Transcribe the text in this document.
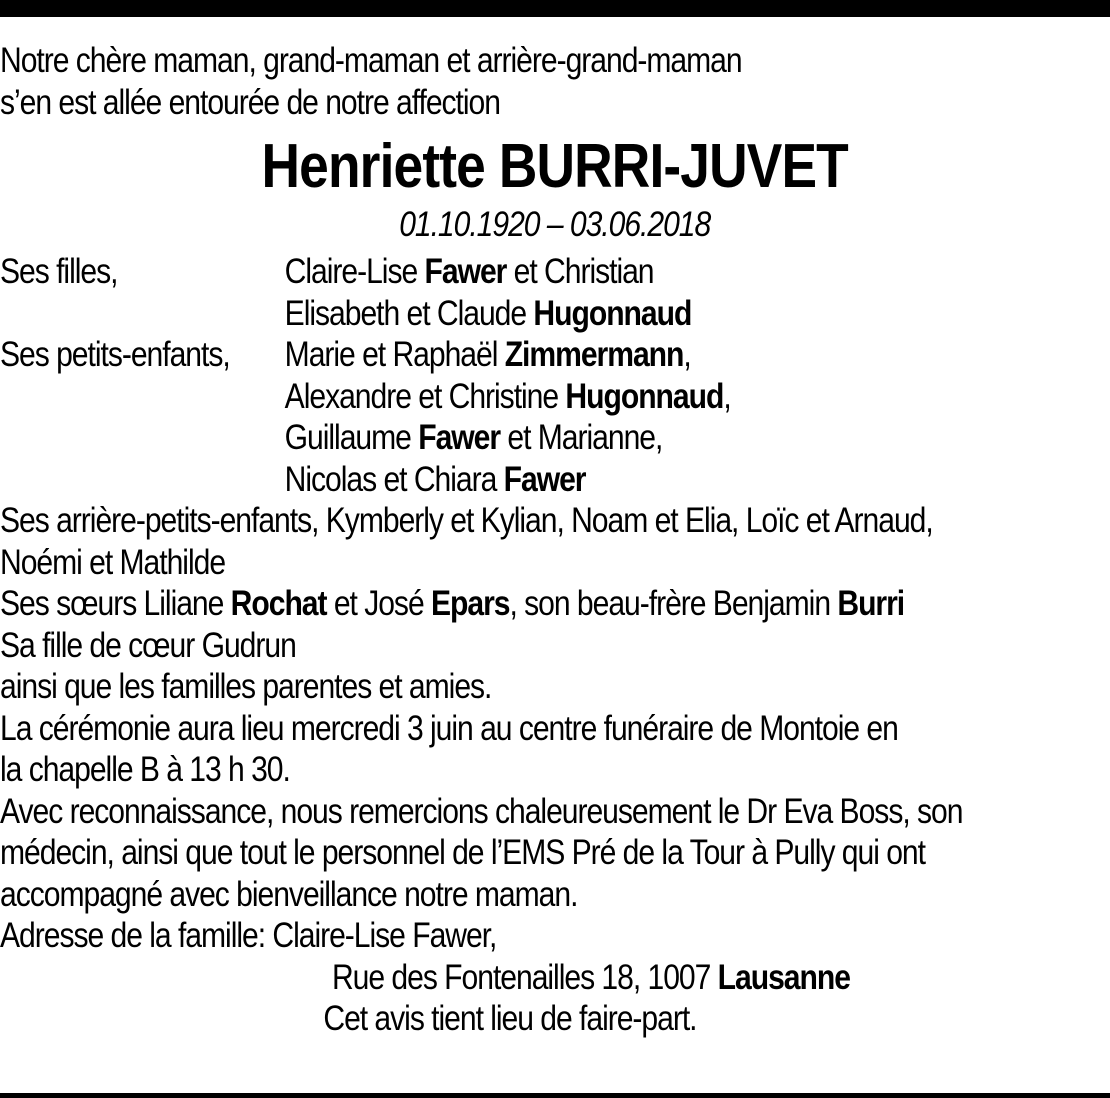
Notre chère maman, grand-maman et arrière-grand-maman
s’en est allée entourée de notre affection
Henriette BURRI-JUVET
01.10.1920 – 03.06.2018
Ses filles,	Claire-Lise Fawer et Christian
Elisabeth et Claude Hugonnaud
Ses petits-enfants,	Marie et Raphaël Zimmermann,
Alexandre et Christine Hugonnaud,
Guillaume Fawer et Marianne,
Nicolas et Chiara Fawer
Ses arrière-petits-enfants, Kymberly et Kylian, Noam et Elia, Loïc et Arnaud,
Noémi et Mathilde
Ses sœurs Liliane Rochat et José Epars, son beau-frère Benjamin Burri
Sa fille de cœur Gudrun
ainsi que les familles parentes et amies.
La cérémonie aura lieu mercredi 3 juin au centre funéraire de Montoie en
la chapelle B à 13 h 30.
Avec reconnaissance, nous remercions chaleureusement le Dr Eva Boss, son
médecin, ainsi que tout le personnel de l’EMS Pré de la Tour à Pully qui ont
accompagné avec bienveillance notre maman.
Adresse de la famille: Claire-Lise Fawer,
Rue des Fontenailles 18, 1007 Lausanne
Cet avis tient lieu de faire-part.
